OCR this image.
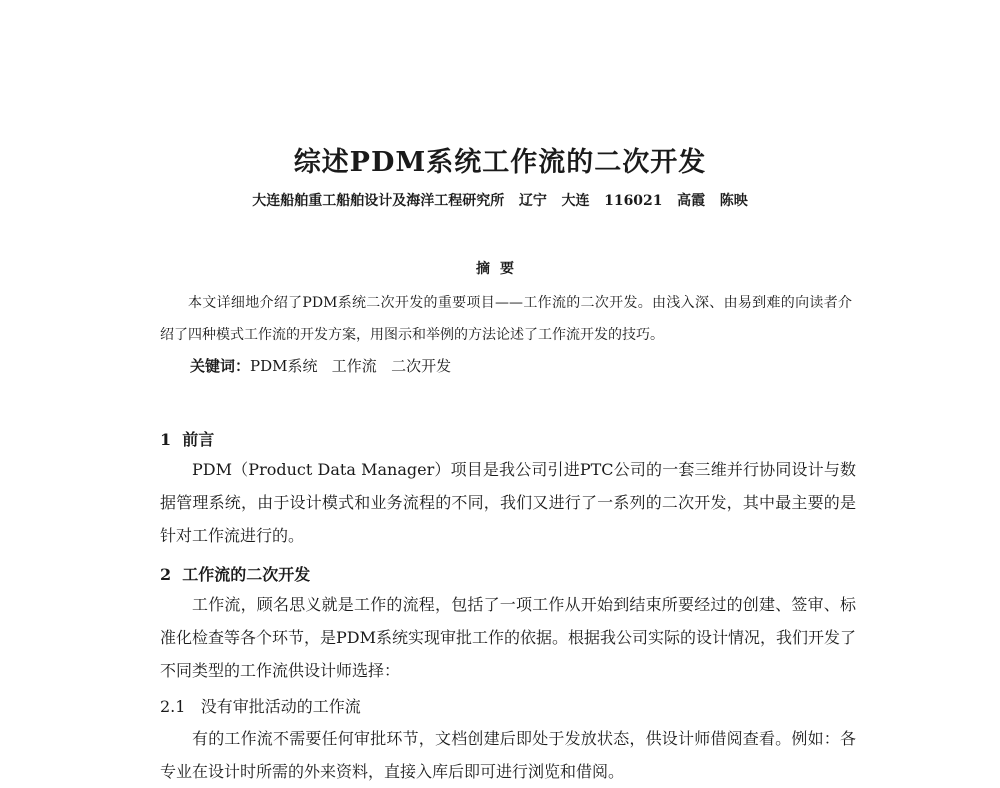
综述PDM系统工作流的二次开发
大连船舶重工船舶设计及海洋工程研究所   辽宁   大连   116021   高霞   陈映
摘要
本文详细地介绍了PDM系统二次开发的重要项目——工作流的二次开发。由浅入深、由易到难的向读者介绍了四种模式工作流的开发方案，用图示和举例的方法论述了工作流开发的技巧。
关键词：PDM系统   工作流   二次开发
1  前言
PDM（Product Data Manager）项目是我公司引进PTC公司的一套三维并行协同设计与数据管理系统，由于设计模式和业务流程的不同，我们又进行了一系列的二次开发，其中最主要的是针对工作流进行的。
2  工作流的二次开发
工作流，顾名思义就是工作的流程，包括了一项工作从开始到结束所要经过的创建、签审、标准化检查等各个环节，是PDM系统实现审批工作的依据。根据我公司实际的设计情况，我们开发了不同类型的工作流供设计师选择：
2.1   没有审批活动的工作流
有的工作流不需要任何审批环节，文档创建后即处于发放状态，供设计师借阅查看。例如：各专业在设计时所需的外来资料，直接入库后即可进行浏览和借阅。
